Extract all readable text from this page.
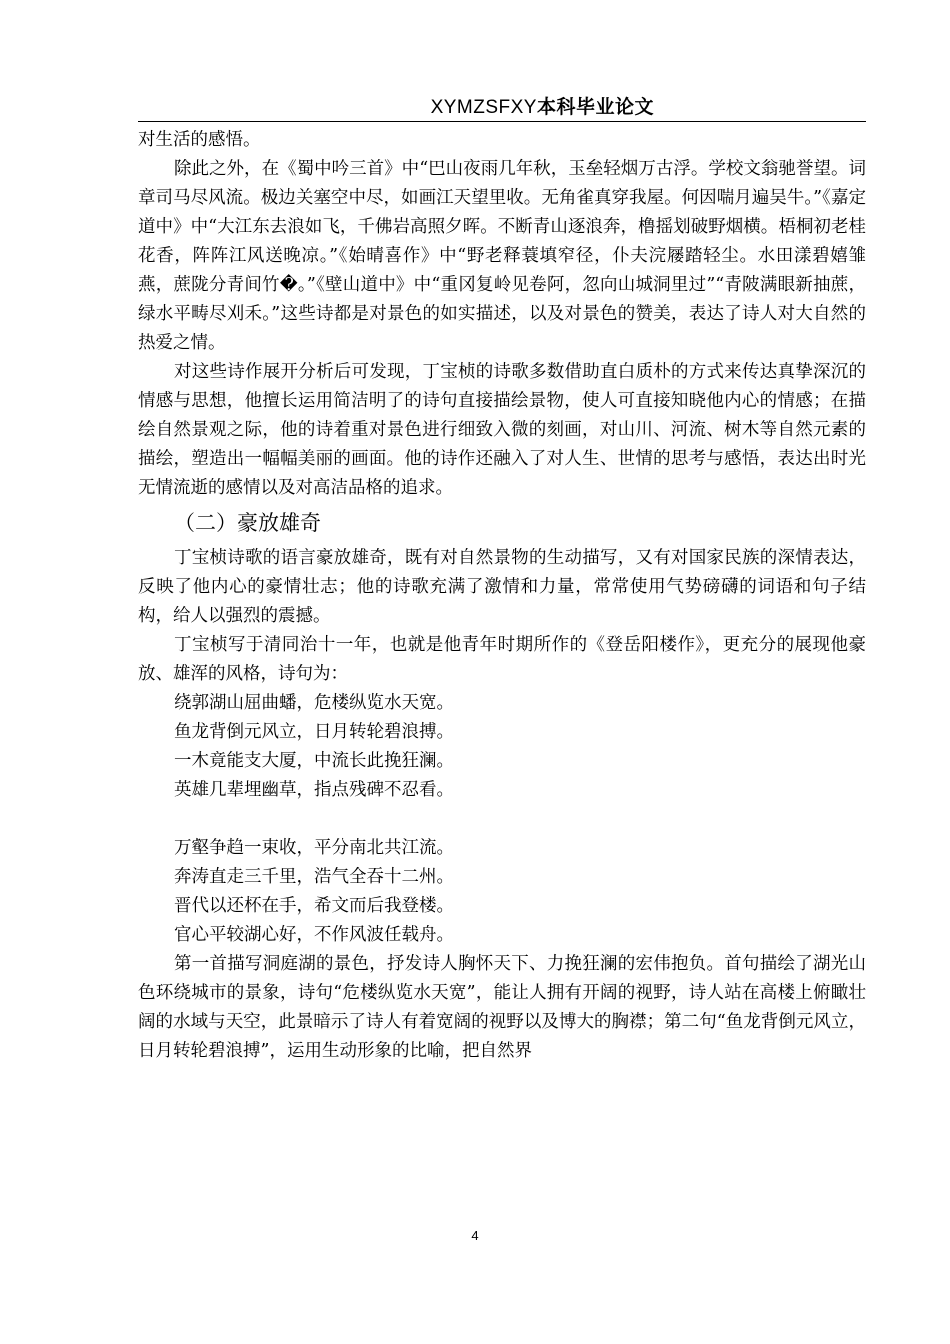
XYMZSFXY本科毕业论文

对生活的感悟。

除此之外，在《蜀中吟三首》中“巴山夜雨几年秋，玉垒轻烟万古浮。学校文翁驰誉望。词章司马尽风流。极边关塞空中尽，如画江天望里收。无角雀真穿我屋。何因喘月遍吴牛。”《嘉定道中》中“大江东去浪如飞，千佛岩高照夕晖。不断青山逐浪奔，橹摇划破野烟横。梧桐初老桂花香，阵阵江风送晚凉。”《始晴喜作》中“野老释蓑填窄径，仆夫浣屦踏轻尘。水田漾碧嬉雏燕，蔗陇分青间竹�。”《壁山道中》中“重冈复岭见卷阿，忽向山城洞里过”“青陂满眼新抽蔗，绿水平畴尽刈禾。”这些诗都是对景色的如实描述，以及对景色的赞美，表达了诗人对大自然的热爱之情。

对这些诗作展开分析后可发现，丁宝桢的诗歌多数借助直白质朴的方式来传达真挚深沉的情感与思想，他擅长运用简洁明了的诗句直接描绘景物，使人可直接知晓他内心的情感；在描绘自然景观之际，他的诗着重对景色进行细致入微的刻画，对山川、河流、树木等自然元素的描绘，塑造出一幅幅美丽的画面。他的诗作还融入了对人生、世情的思考与感悟，表达出时光无情流逝的感情以及对高洁品格的追求。

（二）豪放雄奇

丁宝桢诗歌的语言豪放雄奇，既有对自然景物的生动描写，又有对国家民族的深情表达，反映了他内心的豪情壮志；他的诗歌充满了激情和力量，常常使用气势磅礴的词语和句子结构，给人以强烈的震撼。

丁宝桢写于清同治十一年，也就是他青年时期所作的《登岳阳楼作》，更充分的展现他豪放、雄浑的风格，诗句为：

绕郭湖山屈曲蟠，危楼纵览水天宽。
鱼龙背倒元风立，日月转轮碧浪搏。
一木竟能支大厦，中流长此挽狂澜。
英雄几辈埋幽草，指点残碑不忍看。
万壑争趋一束收，平分南北共江流。
奔涛直走三千里，浩气全吞十二州。
晋代以还杯在手，希文而后我登楼。
官心平较湖心好，不作风波任载舟。

第一首描写洞庭湖的景色，抒发诗人胸怀天下、力挽狂澜的宏伟抱负。首句描绘了湖光山色环绕城市的景象，诗句“危楼纵览水天宽”，能让人拥有开阔的视野，诗人站在高楼上俯瞰壮阔的水域与天空，此景暗示了诗人有着宽阔的视野以及博大的胸襟；第二句“鱼龙背倒元风立，日月转轮碧浪搏”，运用生动形象的比喻，把自然界

4
